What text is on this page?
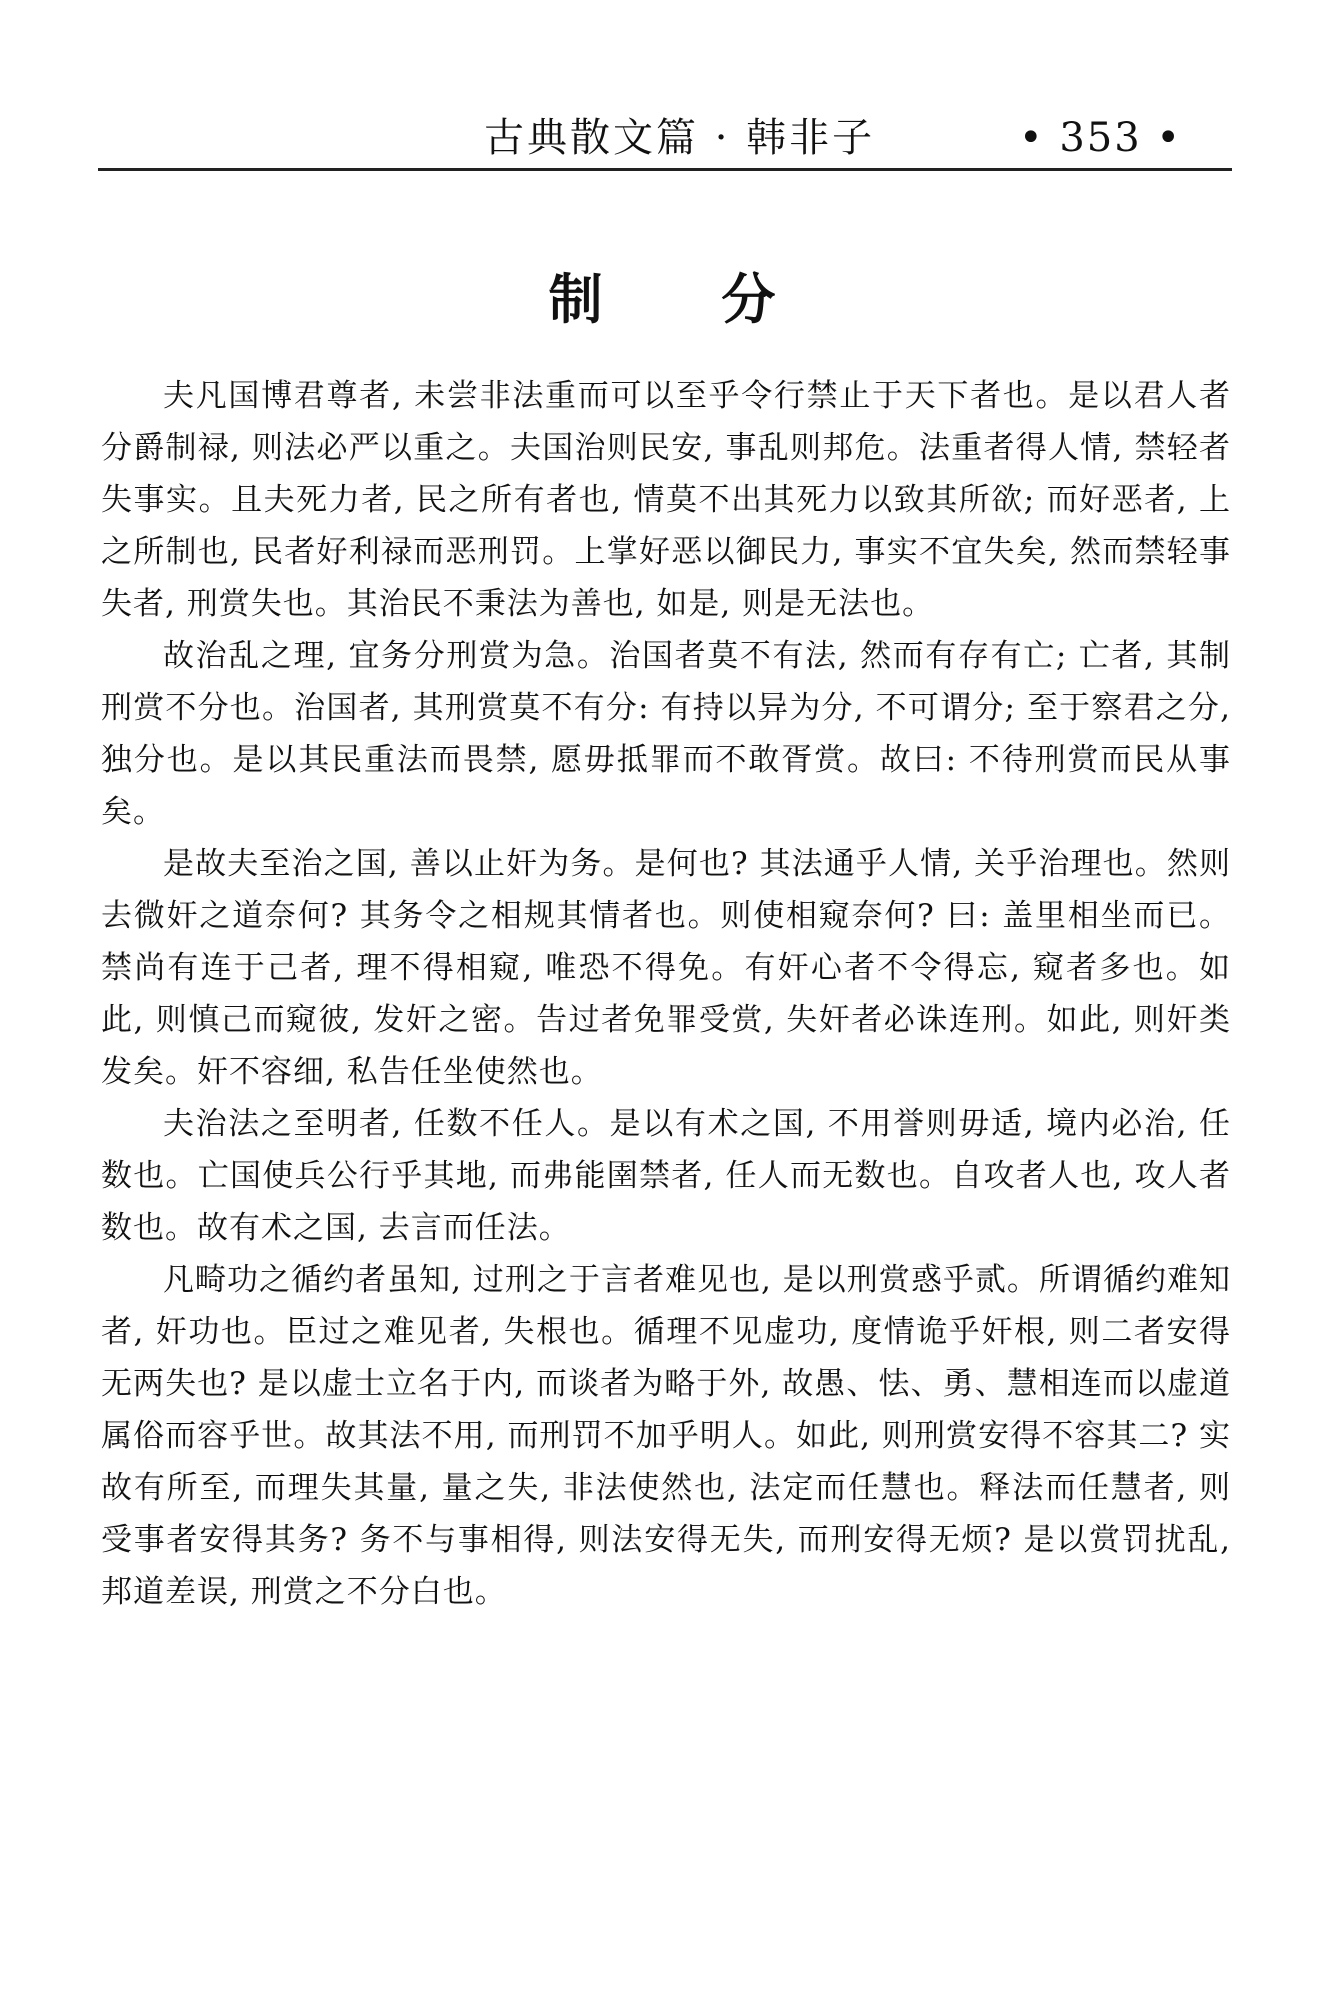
古典散文篇 · 韩非子	• 353 •
制 分

夫凡国博君尊者, 未尝非法重而可以至乎令行禁止于天下者也。是以君人者分爵制禄, 则法必严以重之。夫国治则民安, 事乱则邦危。法重者得人情, 禁轻者失事实。且夫死力者, 民之所有者也, 情莫不出其死力以致其所欲; 而好恶者, 上之所制也, 民者好利禄而恶刑罚。上掌好恶以御民力, 事实不宜失矣, 然而禁轻事失者, 刑赏失也。其治民不秉法为善也, 如是, 则是无法也。

故治乱之理, 宜务分刑赏为急。治国者莫不有法, 然而有存有亡; 亡者, 其制刑赏不分也。治国者, 其刑赏莫不有分: 有持以异为分, 不可谓分; 至于察君之分, 独分也。是以其民重法而畏禁, 愿毋抵罪而不敢胥赏。故曰: 不待刑赏而民从事矣。

是故夫至治之国, 善以止奸为务。是何也? 其法通乎人情, 关乎治理也。然则去微奸之道奈何? 其务令之相规其情者也。则使相窥奈何? 曰: 盖里相坐而已。禁尚有连于己者, 理不得相窥, 唯恐不得免。有奸心者不令得忘, 窥者多也。如此, 则慎己而窥彼, 发奸之密。告过者免罪受赏, 失奸者必诛连刑。如此, 则奸类发矣。奸不容细, 私告任坐使然也。

夫治法之至明者, 任数不任人。是以有术之国, 不用誉则毋适, 境内必治, 任数也。亡国使兵公行乎其地, 而弗能圉禁者, 任人而无数也。自攻者人也, 攻人者数也。故有术之国, 去言而任法。

凡畸功之循约者虽知, 过刑之于言者难见也, 是以刑赏惑乎贰。所谓循约难知者, 奸功也。臣过之难见者, 失根也。循理不见虚功, 度情诡乎奸根, 则二者安得无两失也? 是以虚士立名于内, 而谈者为略于外, 故愚、怯、勇、慧相连而以虚道属俗而容乎世。故其法不用, 而刑罚不加乎明人。如此, 则刑赏安得不容其二? 实故有所至, 而理失其量, 量之失, 非法使然也, 法定而任慧也。释法而任慧者, 则受事者安得其务? 务不与事相得, 则法安得无失, 而刑安得无烦? 是以赏罚扰乱, 邦道差误, 刑赏之不分白也。
